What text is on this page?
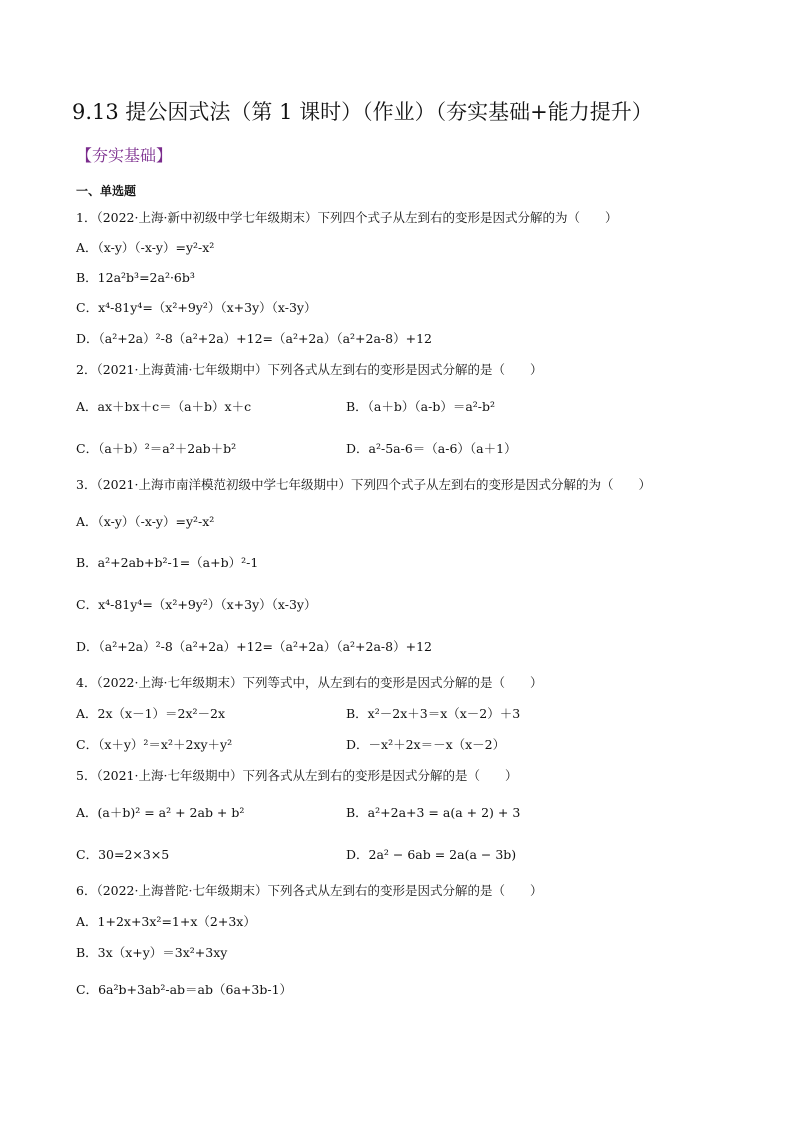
9.13 提公因式法（第 1 课时）（作业）（夯实基础+能力提升）
【夯实基础】
一、单选题
1．（2022·上海·新中初级中学七年级期末）下列四个式子从左到右的变形是因式分解的为（　　）
A．（x-y）（-x-y）=y²-x²
B．12a²b³=2a²·6b³
C．x⁴-81y⁴=（x²+9y²）（x+3y）（x-3y）
D．（a²+2a）²-8（a²+2a）+12=（a²+2a）（a²+2a-8）+12
2．（2021·上海黄浦·七年级期中）下列各式从左到右的变形是因式分解的是（　　）
A．ax＋bx＋c＝（a＋b）x＋c	B．（a＋b）（a-b）＝a²-b²
C．（a＋b）²＝a²＋2ab＋b²	D．a²-5a-6＝（a-6）（a＋1）
3．（2021·上海市南洋模范初级中学七年级期中）下列四个式子从左到右的变形是因式分解的为（　　）
A．（x-y）（-x-y）=y²-x²
B．a²+2ab+b²-1=（a+b）²-1
C．x⁴-81y⁴=（x²+9y²）（x+3y）（x-3y）
D．（a²+2a）²-8（a²+2a）+12=（a²+2a）（a²+2a-8）+12
4．（2022·上海·七年级期末）下列等式中，从左到右的变形是因式分解的是（　　）
A．2x（x－1）＝2x²－2x	B．x²－2x＋3＝x（x－2）＋3
C．（x＋y）²＝x²＋2xy＋y²	D．－x²＋2x＝－x（x－2）
5．（2021·上海·七年级期中）下列各式从左到右的变形是因式分解的是（　　）
A．(a＋b)² = a² + 2ab + b²	B．a²+2a+3 = a(a + 2) + 3
C．30=2×3×5	D．2a² − 6ab = 2a(a − 3b)
6．（2022·上海普陀·七年级期末）下列各式从左到右的变形是因式分解的是（　　）
A．1+2x+3x²=1+x（2+3x）
B．3x（x+y）＝3x²+3xy
C．6a²b+3ab²-ab＝ab（6a+3b-1）
